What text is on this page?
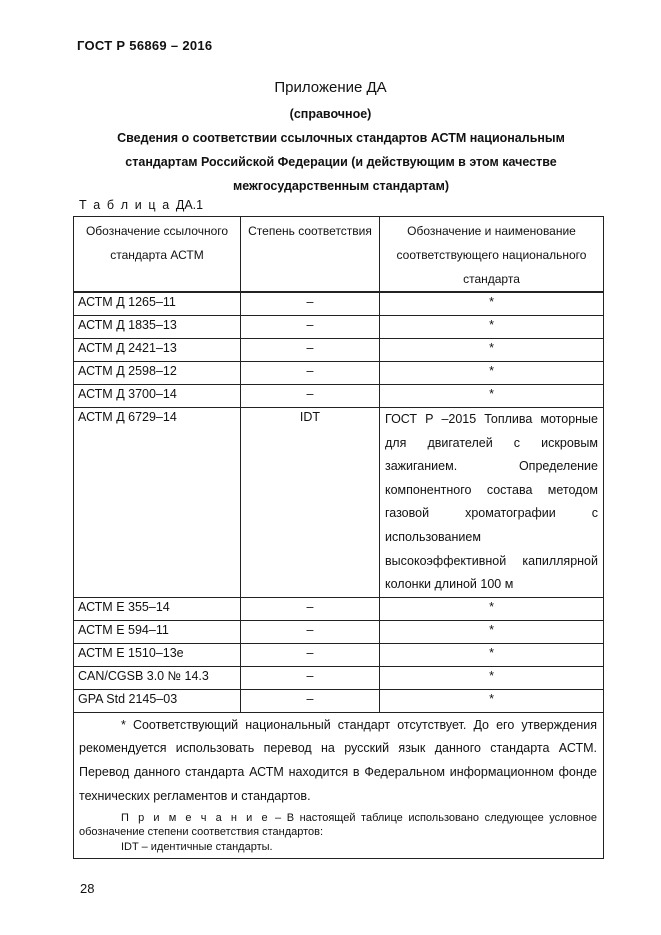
ГОСТ Р 56869 – 2016
Приложение ДА
(справочное)
Сведения о соответствии ссылочных стандартов АСТМ национальным стандартам Российской Федерации (и действующим в этом качестве межгосударственным стандартам)
Т а б л и ц а ДА.1
Обозначение ссылочного стандарта АСТМ	Степень соответствия	Обозначение и наименование соответствующего национального стандарта
АСТМ Д 1265–11	–	*
АСТМ Д 1835–13	–	*
АСТМ Д 2421–13	–	*
АСТМ Д 2598–12	–	*
АСТМ Д 3700–14	–	*
АСТМ Д 6729–14	IDT	ГОСТ Р –2015 Топлива моторные для двигателей с искровым зажиганием. Определение компонентного состава методом газовой хроматографии с использованием высокоэффективной капиллярной колонки длиной 100 м
АСТМ Е 355–14	–	*
АСТМ Е 594–11	–	*
АСТМ Е 1510–13е	–	*
CAN/CGSB 3.0 № 14.3	–	*
GPA Std 2145–03	–	*

* Соответствующий национальный стандарт отсутствует. До его утверждения рекомендуется использовать перевод на русский язык данного стандарта АСТМ. Перевод данного стандарта АСТМ находится в Федеральном информационном фонде технических регламентов и стандартов.
П р и м е ч а н и е – В настоящей таблице использовано следующее условное обозначение степени соответствия стандартов:
IDT – идентичные стандарты.		
28
